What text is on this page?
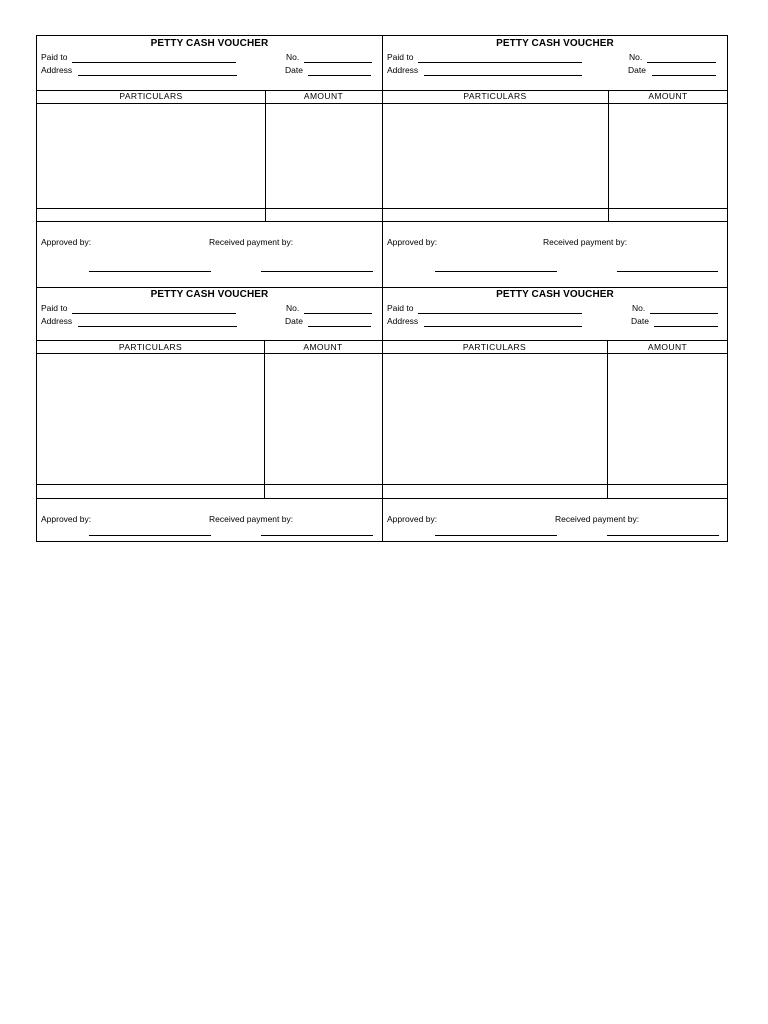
PETTY CASH VOUCHER
Paid to
Address
No.
Date
PARTICULARS	AMOUNT
Approved by:	Received payment by:
PETTY CASH VOUCHER
Paid to
Address
No.
Date
PARTICULARS	AMOUNT
Approved by:	Received payment by:
PETTY CASH VOUCHER
Paid to
Address
No.
Date
PARTICULARS	AMOUNT
Approved by:	Received payment by:
PETTY CASH VOUCHER
Paid to
Address
No.
Date
PARTICULARS	AMOUNT
Approved by:	Received payment by:
